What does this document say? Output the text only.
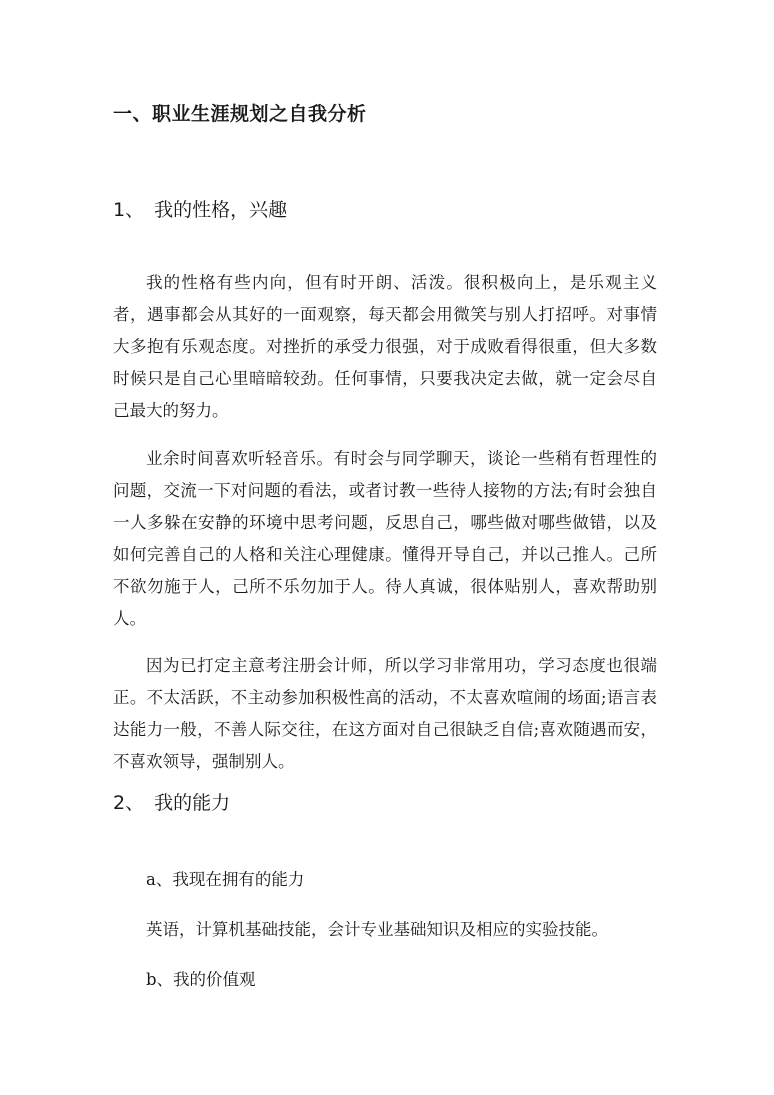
一、职业生涯规划之自我分析
1、 我的性格，兴趣

我的性格有些内向，但有时开朗、活泼。很积极向上，是乐观主义者，遇事都会从其好的一面观察，每天都会用微笑与别人打招呼。对事情大多抱有乐观态度。对挫折的承受力很强，对于成败看得很重，但大多数时候只是自己心里暗暗较劲。任何事情，只要我决定去做，就一定会尽自己最大的努力。

业余时间喜欢听轻音乐。有时会与同学聊天，谈论一些稍有哲理性的问题，交流一下对问题的看法，或者讨教一些待人接物的方法;有时会独自一人多躲在安静的环境中思考问题，反思自己，哪些做对哪些做错，以及如何完善自己的人格和关注心理健康。懂得开导自己，并以己推人。己所不欲勿施于人，己所不乐勿加于人。待人真诚，很体贴别人，喜欢帮助别人。

因为已打定主意考注册会计师，所以学习非常用功，学习态度也很端正。不太活跃，不主动参加积极性高的活动，不太喜欢喧闹的场面;语言表达能力一般，不善人际交往，在这方面对自己很缺乏自信;喜欢随遇而安，不喜欢领导，强制别人。

2、 我的能力

a、我现在拥有的能力

英语，计算机基础技能，会计专业基础知识及相应的实验技能。

b、我的价值观
